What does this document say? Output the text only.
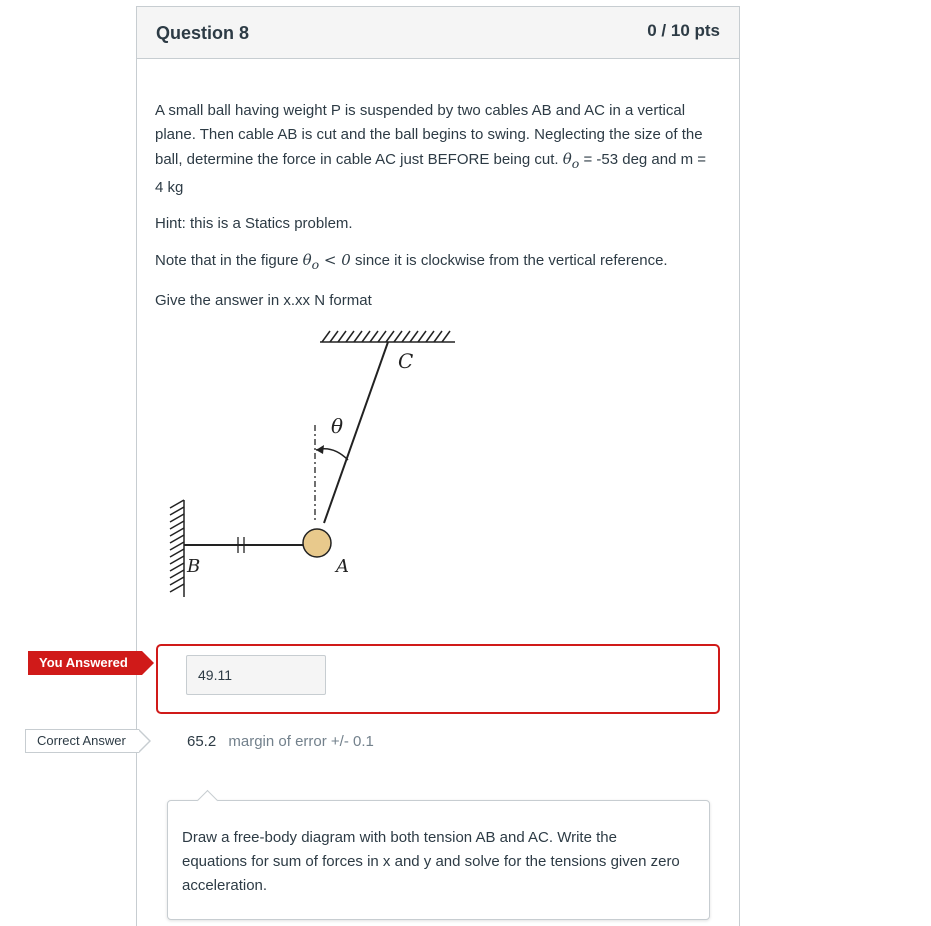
Question 8	0 / 10 pts

A small ball having weight P is suspended by two cables AB and AC in a vertical plane. Then cable AB is cut and the ball begins to swing. Neglecting the size of the ball, determine the force in cable AC just BEFORE being cut. $\theta_o = -53$ deg and m = 4 kg

Hint: this is a Statics problem.

Note that in the figure $\theta_o < 0$ since it is clockwise from the vertical reference.

Give the answer in x.xx N format

C
θ
B	A
You Answered
49.11
Correct Answer	65.2 margin of error +/- 0.1
Draw a free-body diagram with both tension AB and AC. Write the equations for sum of forces in x and y and solve for the tensions given zero acceleration.
